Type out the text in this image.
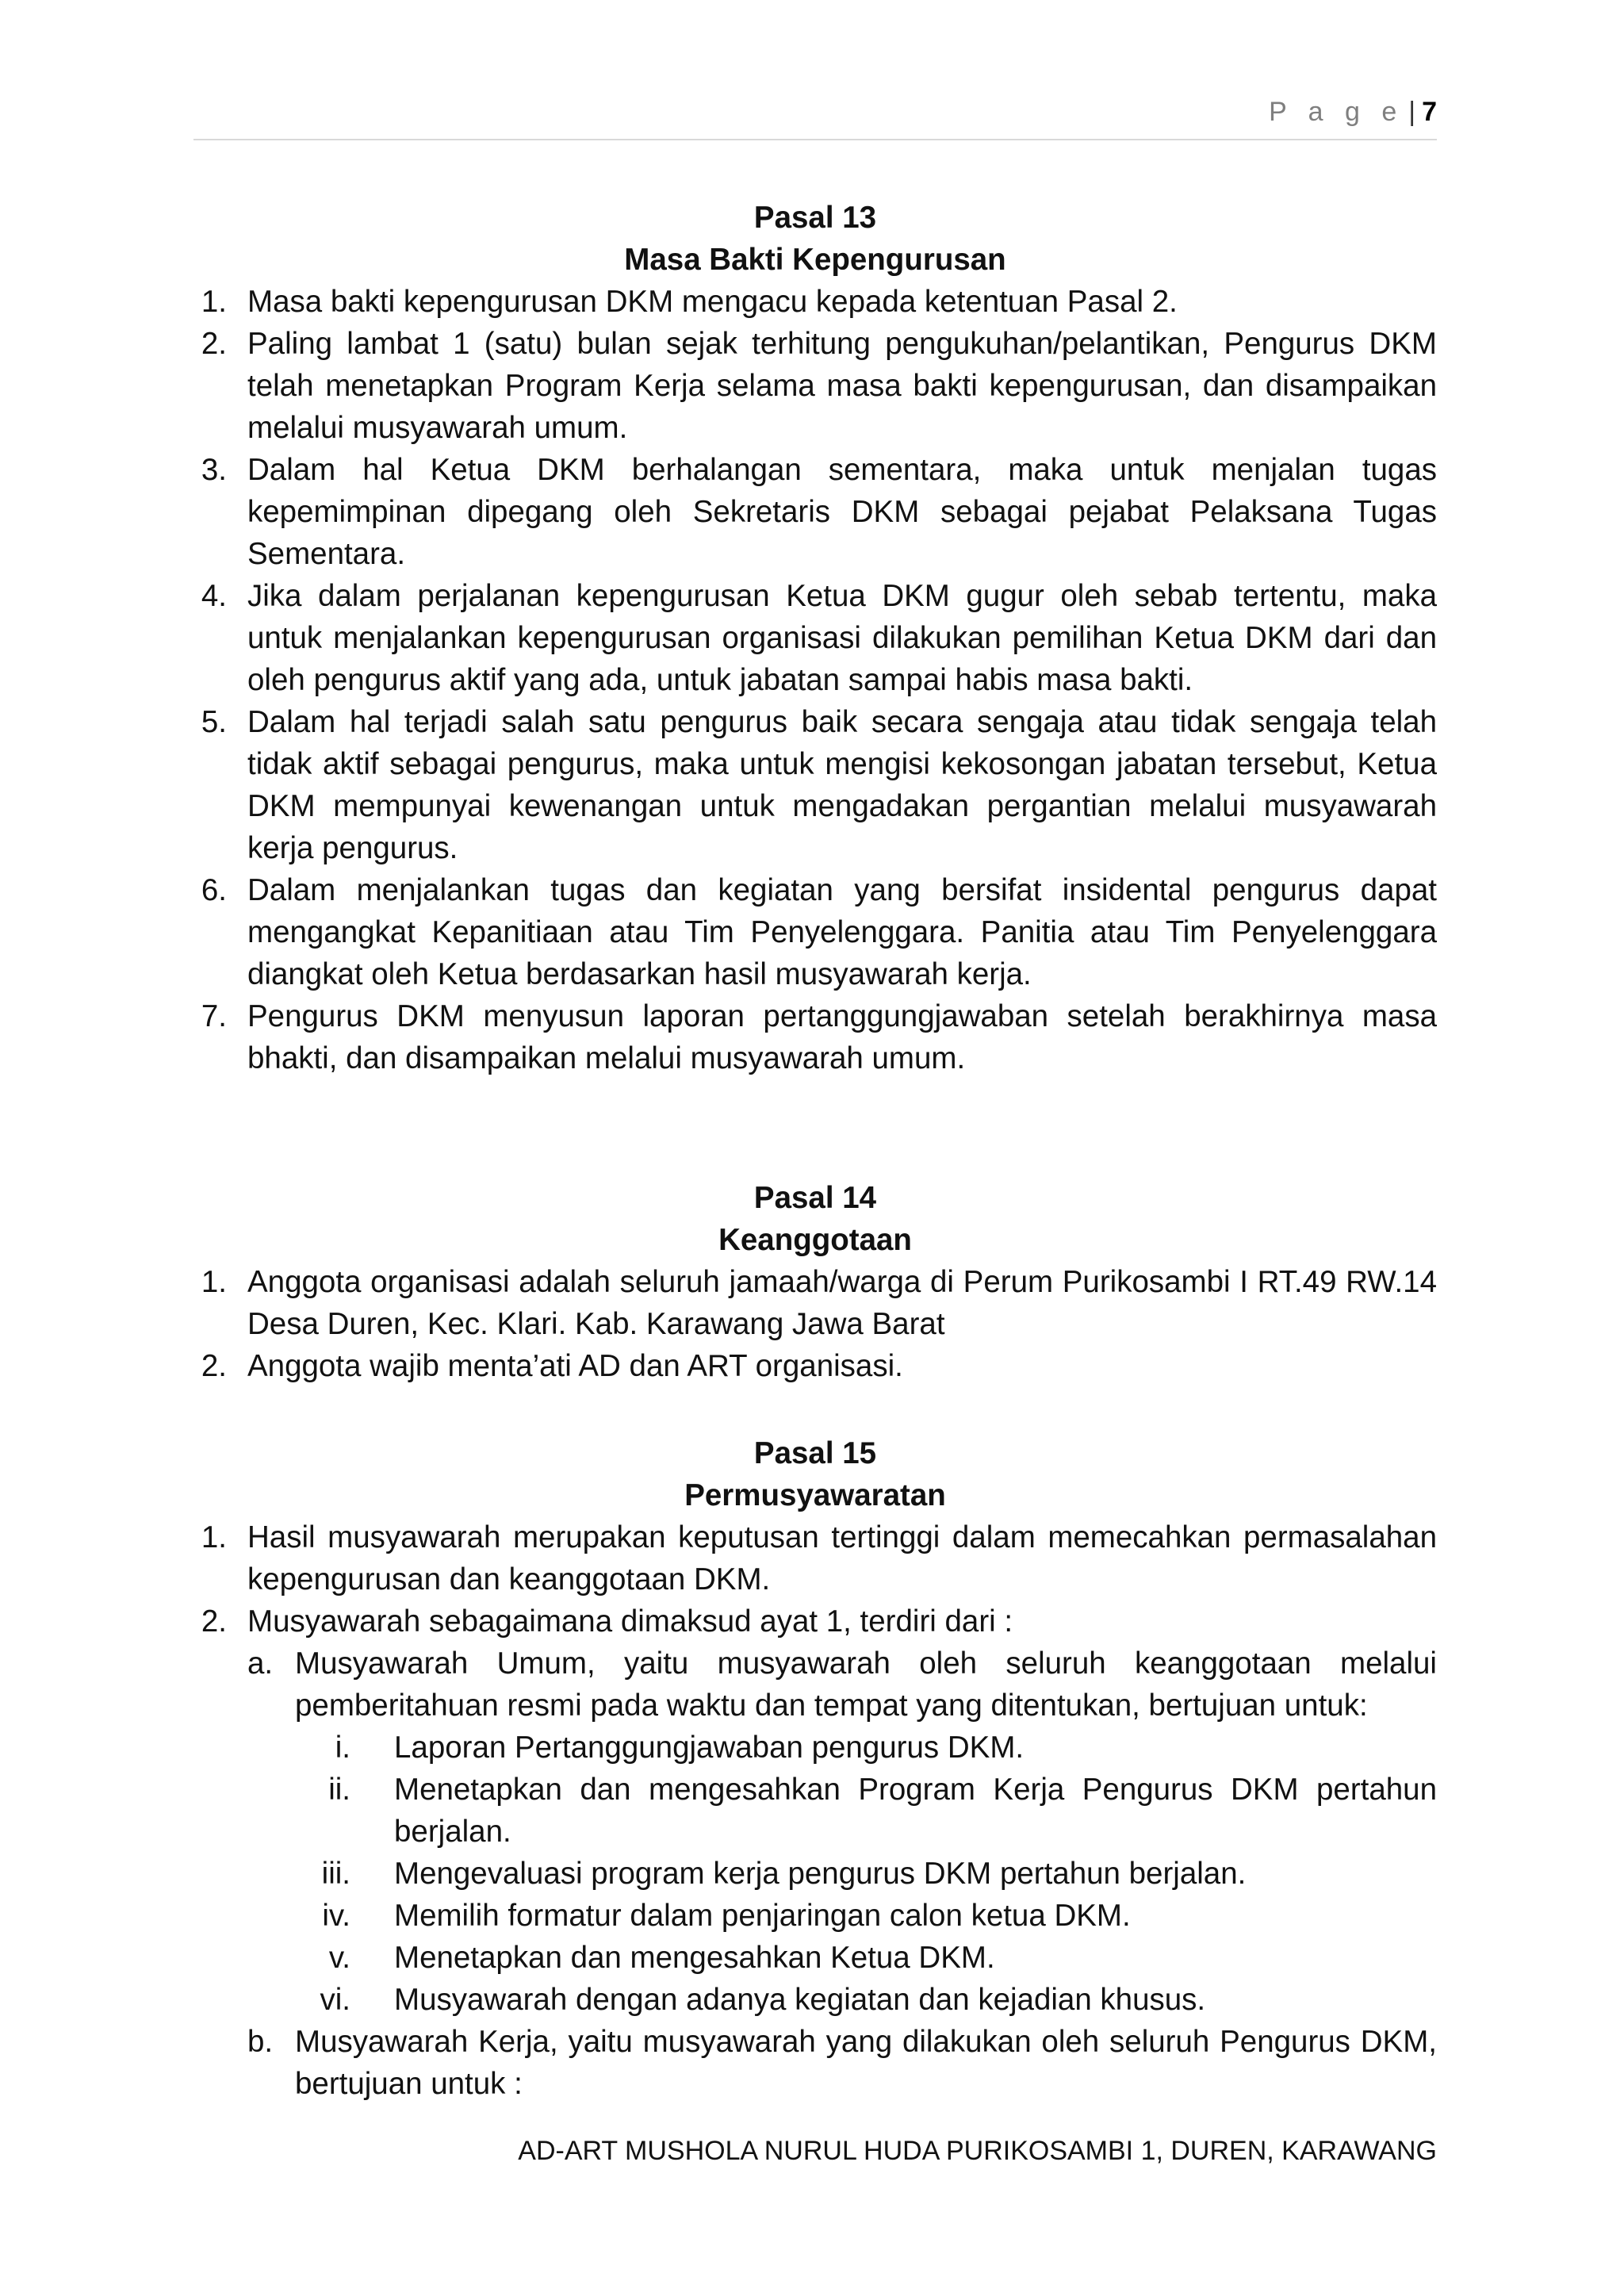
P a g e | 7
Pasal 13
Masa Bakti Kepengurusan
1. Masa bakti kepengurusan DKM mengacu kepada ketentuan Pasal 2.
2. Paling lambat 1 (satu) bulan sejak terhitung pengukuhan/pelantikan, Pengurus DKM telah menetapkan Program Kerja selama masa bakti kepengurusan, dan disampaikan melalui musyawarah umum.
3. Dalam hal Ketua DKM berhalangan sementara, maka untuk menjalan tugas kepemimpinan dipegang oleh Sekretaris DKM sebagai pejabat Pelaksana Tugas Sementara.
4. Jika dalam perjalanan kepengurusan Ketua DKM gugur oleh sebab tertentu, maka untuk menjalankan kepengurusan organisasi dilakukan pemilihan Ketua DKM dari dan oleh pengurus aktif yang ada, untuk jabatan sampai habis masa bakti.
5. Dalam hal terjadi salah satu pengurus baik secara sengaja atau tidak sengaja telah tidak aktif sebagai pengurus, maka untuk mengisi kekosongan jabatan tersebut, Ketua DKM mempunyai kewenangan untuk mengadakan pergantian melalui musyawarah kerja pengurus.
6. Dalam menjalankan tugas dan kegiatan yang bersifat insidental pengurus dapat mengangkat Kepanitiaan atau Tim Penyelenggara. Panitia atau Tim Penyelenggara diangkat oleh Ketua berdasarkan hasil musyawarah kerja.
7. Pengurus DKM menyusun laporan pertanggungjawaban setelah berakhirnya masa bhakti, dan disampaikan melalui musyawarah umum.
Pasal 14
Keanggotaan
1. Anggota organisasi adalah seluruh jamaah/warga di Perum Purikosambi I RT.49 RW.14 Desa Duren, Kec. Klari. Kab. Karawang Jawa Barat
2. Anggota wajib menta’ati AD dan ART organisasi.
Pasal 15
Permusyawaratan
1. Hasil musyawarah merupakan keputusan tertinggi dalam memecahkan permasalahan kepengurusan dan keanggotaan DKM.
2. Musyawarah sebagaimana dimaksud ayat 1, terdiri dari :
a. Musyawarah Umum, yaitu musyawarah oleh seluruh keanggotaan melalui pemberitahuan resmi pada waktu dan tempat yang ditentukan, bertujuan untuk:
i. Laporan Pertanggungjawaban pengurus DKM.
ii. Menetapkan dan mengesahkan Program Kerja Pengurus DKM pertahun berjalan.
iii. Mengevaluasi program kerja pengurus DKM pertahun berjalan.
iv. Memilih formatur dalam penjaringan calon ketua DKM.
v. Menetapkan dan mengesahkan Ketua DKM.
vi. Musyawarah dengan adanya kegiatan dan kejadian khusus.
b. Musyawarah Kerja, yaitu musyawarah yang dilakukan oleh seluruh Pengurus DKM, bertujuan untuk :
AD-ART MUSHOLA NURUL HUDA PURIKOSAMBI 1, DUREN, KARAWANG
